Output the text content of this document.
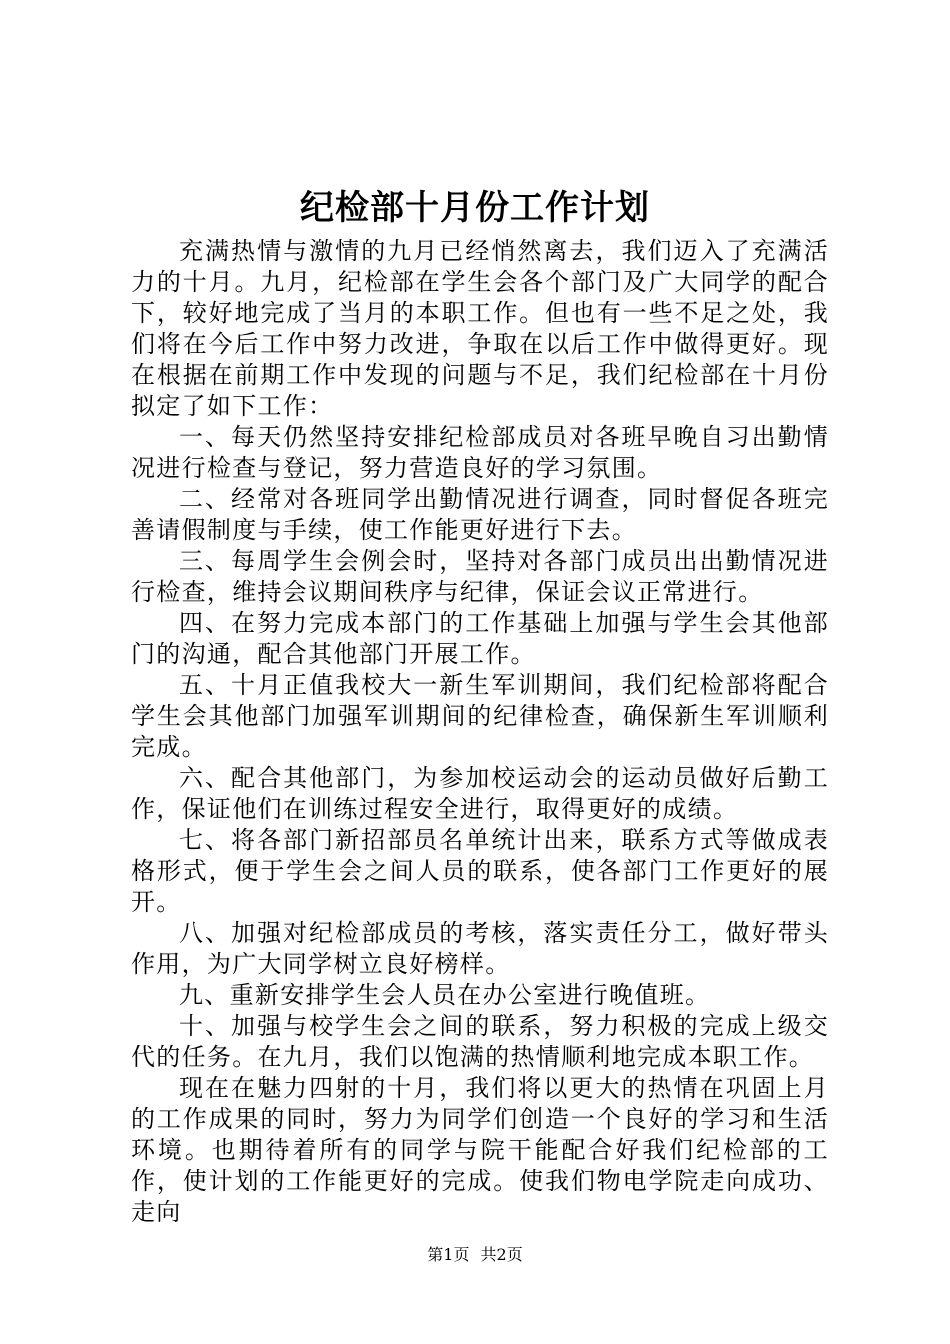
纪检部十月份工作计划

充满热情与激情的九月已经悄然离去，我们迈入了充满活力的十月。九月，纪检部在学生会各个部门及广大同学的配合下，较好地完成了当月的本职工作。但也有一些不足之处，我们将在今后工作中努力改进，争取在以后工作中做得更好。现在根据在前期工作中发现的问题与不足，我们纪检部在十月份拟定了如下工作：

一、每天仍然坚持安排纪检部成员对各班早晚自习出勤情况进行检查与登记，努力营造良好的学习氛围。

二、经常对各班同学出勤情况进行调查，同时督促各班完善请假制度与手续，使工作能更好进行下去。

三、每周学生会例会时，坚持对各部门成员出出勤情况进行检查，维持会议期间秩序与纪律，保证会议正常进行。

四、在努力完成本部门的工作基础上加强与学生会其他部门的沟通，配合其他部门开展工作。

五、十月正值我校大一新生军训期间，我们纪检部将配合学生会其他部门加强军训期间的纪律检查，确保新生军训顺利完成。

六、配合其他部门，为参加校运动会的运动员做好后勤工作，保证他们在训练过程安全进行，取得更好的成绩。

七、将各部门新招部员名单统计出来，联系方式等做成表格形式，便于学生会之间人员的联系，使各部门工作更好的展开。

八、加强对纪检部成员的考核，落实责任分工，做好带头作用，为广大同学树立良好榜样。

九、重新安排学生会人员在办公室进行晚值班。

十、加强与校学生会之间的联系，努力积极的完成上级交代的任务。在九月，我们以饱满的热情顺利地完成本职工作。

现在在魅力四射的十月，我们将以更大的热情在巩固上月的工作成果的同时，努力为同学们创造一个良好的学习和生活环境。也期待着所有的同学与院干能配合好我们纪检部的工作，使计划的工作能更好的完成。使我们物电学院走向成功、走向

第1页 共2页
